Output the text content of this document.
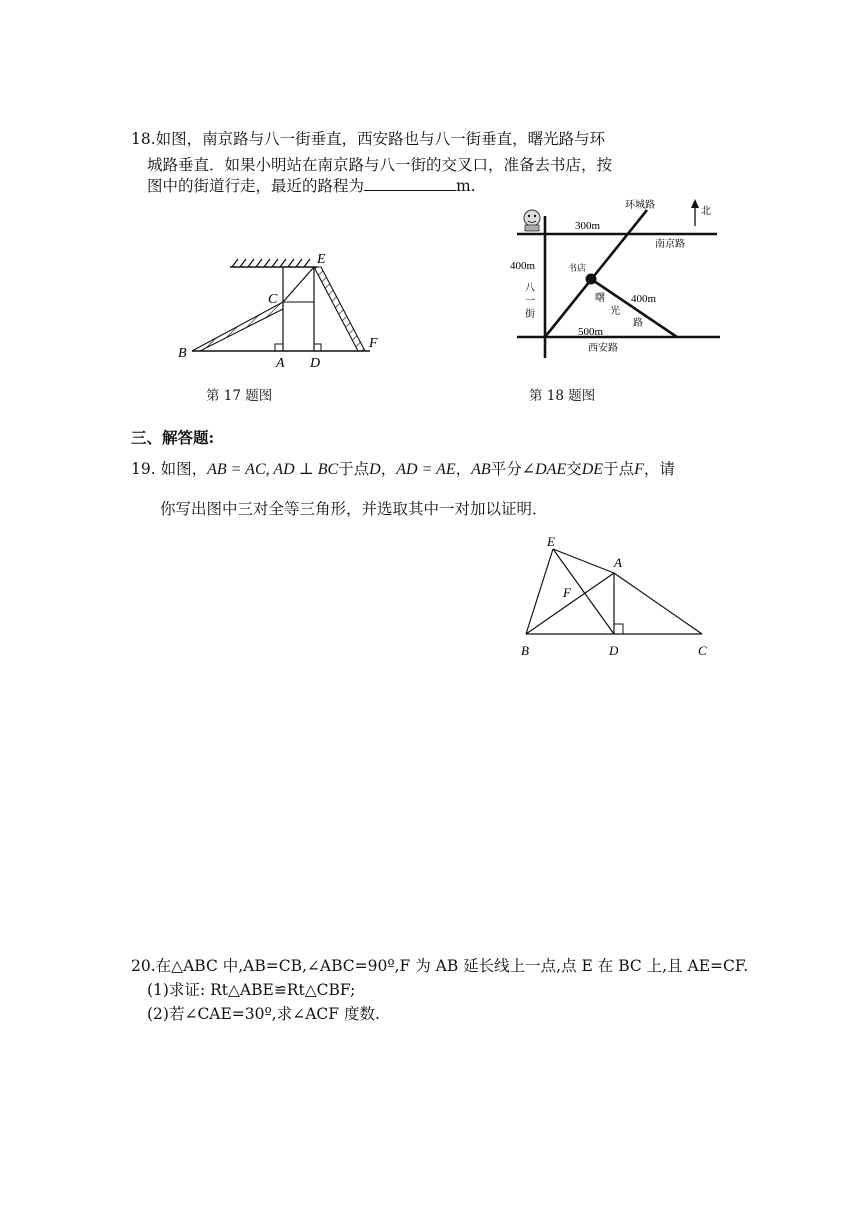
18.如图，南京路与八一街垂直，西安路也与八一街垂直，曙光路与环
城路垂直．如果小明站在南京路与八一街的交叉口，准备去书店，按
图中的街道行走，最近的路程为	m.
E
C
B
A D
F
北
环城路
300m
南京路
400m	书店
八
一
街
曙
光
路
400m
500m
西安路
第 17 题图	第 18 题图
三、解答题:
19. 如图，AB = AC, AD ⊥ BC于点D，AD = AE，AB平分∠DAE交DE于点F，请
你写出图中三对全等三角形，并选取其中一对加以证明．
E
A
F
B	D	C
20.在△ABC 中,AB=CB,∠ABC=90º,F 为 AB 延长线上一点,点 E 在 BC 上,且 AE=CF.
(1)求证: Rt△ABE≌Rt△CBF;
(2)若∠CAE=30º,求∠ACF 度数.
